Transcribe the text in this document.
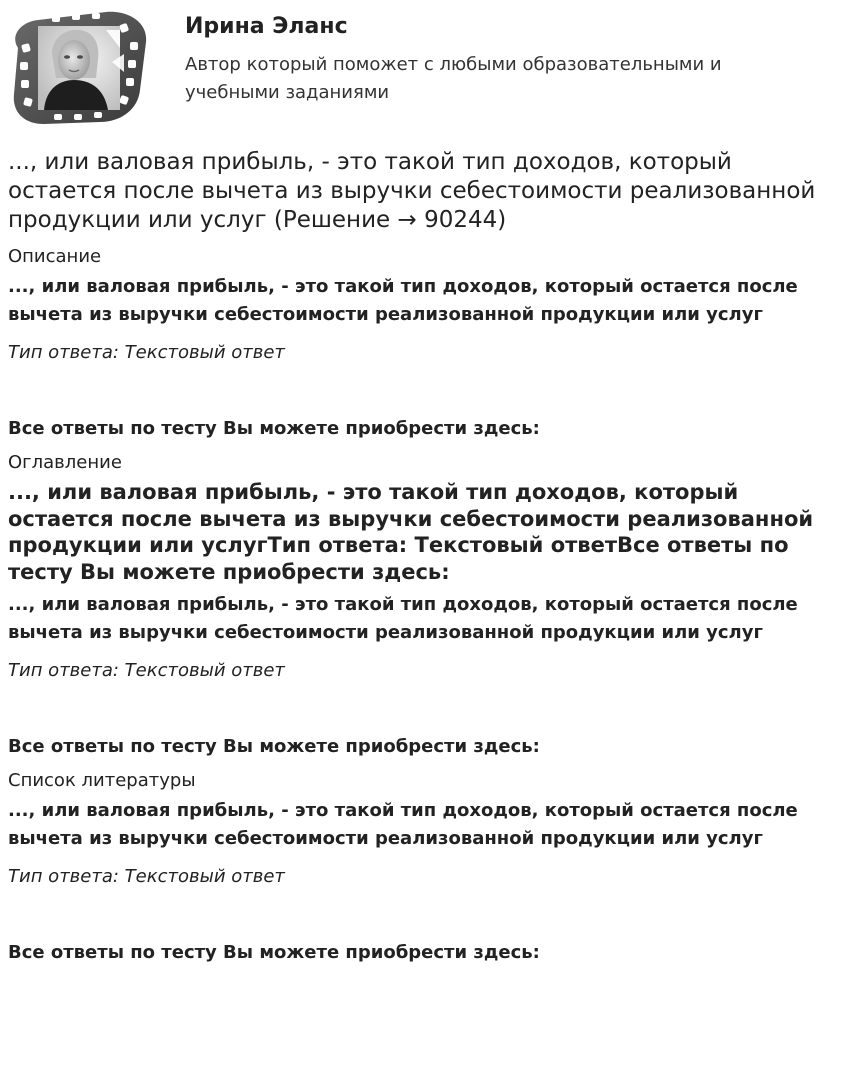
Ирина Эланс
Автор который поможет с любыми образовательными и учебными заданиями
..., или валовая прибыль, - это такой тип доходов, который остается после вычета из выручки себестоимости реализованной продукции или услуг (Решение → 90244)
Описание
..., или валовая прибыль, - это такой тип доходов, который остается после вычета из выручки себестоимости реализованной продукции или услуг
Тип ответа: Текстовый ответ
Все ответы по тесту Вы можете приобрести здесь:
Оглавление
..., или валовая прибыль, - это такой тип доходов, который остается после вычета из выручки себестоимости реализованной продукции или услугТип ответа: Текстовый ответВсе ответы по тесту Вы можете приобрести здесь:
..., или валовая прибыль, - это такой тип доходов, который остается после вычета из выручки себестоимости реализованной продукции или услуг
Тип ответа: Текстовый ответ
Все ответы по тесту Вы можете приобрести здесь:
Список литературы
..., или валовая прибыль, - это такой тип доходов, который остается после вычета из выручки себестоимости реализованной продукции или услуг
Тип ответа: Текстовый ответ
Все ответы по тесту Вы можете приобрести здесь:
